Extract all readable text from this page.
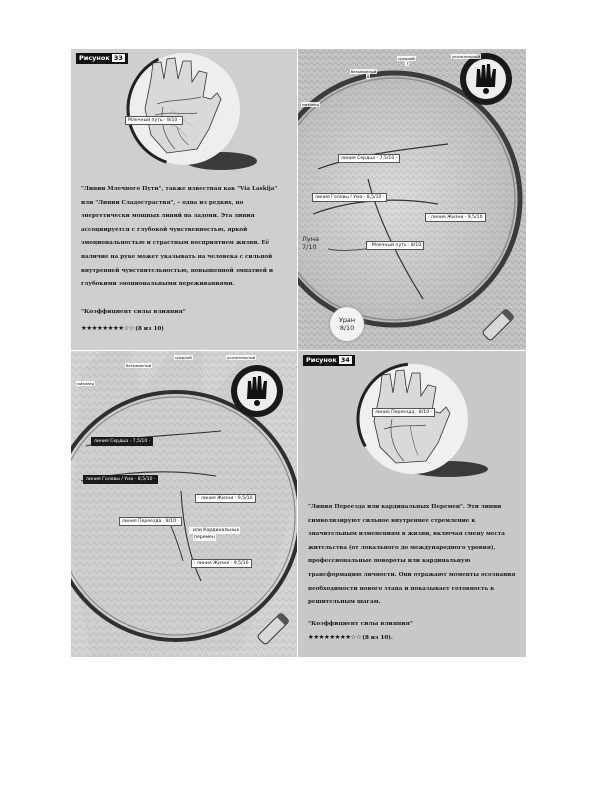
Рисунок 33
Млечный путь · 8/10 ·
"Линии Млечного Пути", также известная как "Via Laskija" или "Линии Сладострастия", – одна из редких, но энергетически мощных линий на ладони. Эта линия ассоциируется с глубокой чувственностью, яркой эмоциональностью и страстным восприятием жизни. Её наличие на руке может указывать на человека с сильной внутренней чувствительностью, повышенной эмпатией и глубокими эмоциональными переживаниями.
"Коэффициент силы влияния"
★★★★★★★★☆☆(8 из 10)
безымянный
6
средний
7
указательный
мизинец
линия Сердца · 7,5/10 ·
линия Головы / Ума · 8,5/10 ·
· линия Жизни · 9,5/10
· Млечный путь · 8/10
Луна
7/10
Уран
8/10
безымянный
средний	указательный
мизинец
линия Сердца · 7,5/10 ·
линия Головы / Ума · 8,5/10 ·
· линия Жизни · 9,5/10
линия Переезда · 8/10 ·
· или Кардинальных
перемен
· линия Жизни · 9,5/10
Рисунок 34
линия Переезда · 8/10 ·
"Линия Переезда или кардинальных Перемен". Эти линии символизируют сильное внутреннее стремление к значительным изменениям в жизни, включая смену места жительства (от локального до международного уровня), профессиональные повороты или кардинальную трансформацию личности. Они отражают моменты осознания необходимости нового этапа и показывает готовность к решительным шагам.
"Коэффициент силы влияния"
★★★★★★★★☆☆(8 из 10).
